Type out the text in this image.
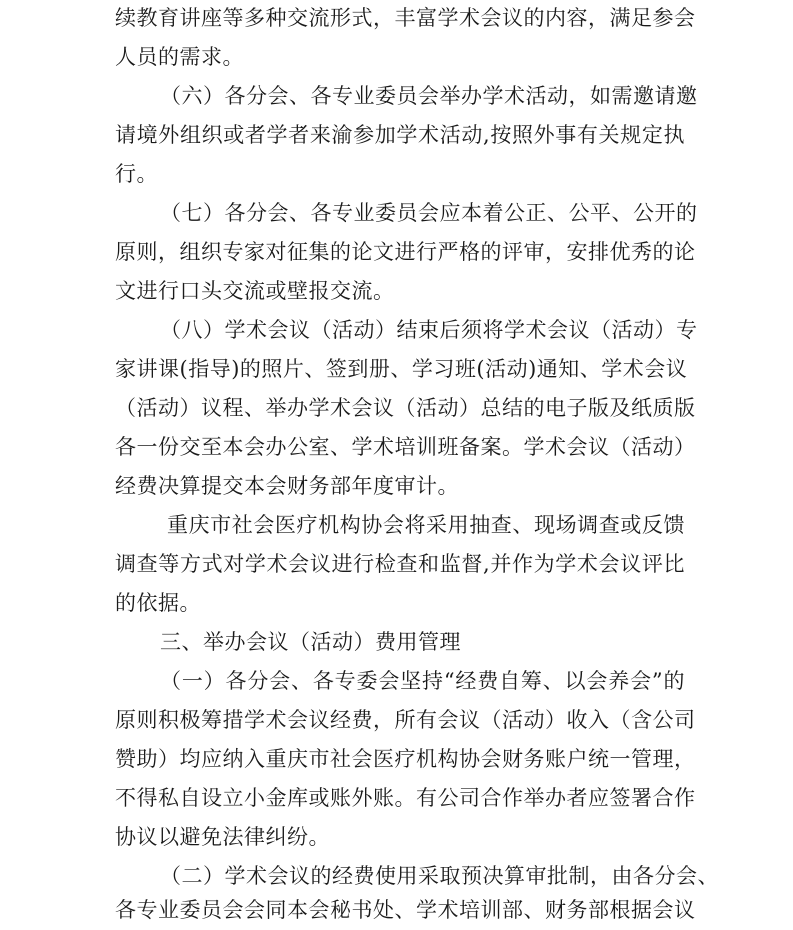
续教育讲座等多种交流形式，丰富学术会议的内容，满足参会
人员的需求。
（六）各分会、各专业委员会举办学术活动，如需邀请邀
请境外组织或者学者来渝参加学术活动,按照外事有关规定执
行。
（七）各分会、各专业委员会应本着公正、公平、公开的
原则，组织专家对征集的论文进行严格的评审，安排优秀的论
文进行口头交流或壁报交流。
（八）学术会议（活动）结束后须将学术会议（活动）专
家讲课(指导)的照片、签到册、学习班(活动)通知、学术会议
（活动）议程、举办学术会议（活动）总结的电子版及纸质版
各一份交至本会办公室、学术培训班备案。学术会议（活动）
经费决算提交本会财务部年度审计。
重庆市社会医疗机构协会将采用抽查、现场调查或反馈
调查等方式对学术会议进行检查和监督,并作为学术会议评比
的依据。
三、举办会议（活动）费用管理
（一）各分会、各专委会坚持“经费自筹、以会养会”的
原则积极筹措学术会议经费，所有会议（活动）收入（含公司
赞助）均应纳入重庆市社会医疗机构协会财务账户统一管理，
不得私自设立小金库或账外账。有公司合作举办者应签署合作
协议以避免法律纠纷。
（二）学术会议的经费使用采取预决算审批制，由各分会、
各专业委员会会同本会秘书处、学术培训部、财务部根据会议
